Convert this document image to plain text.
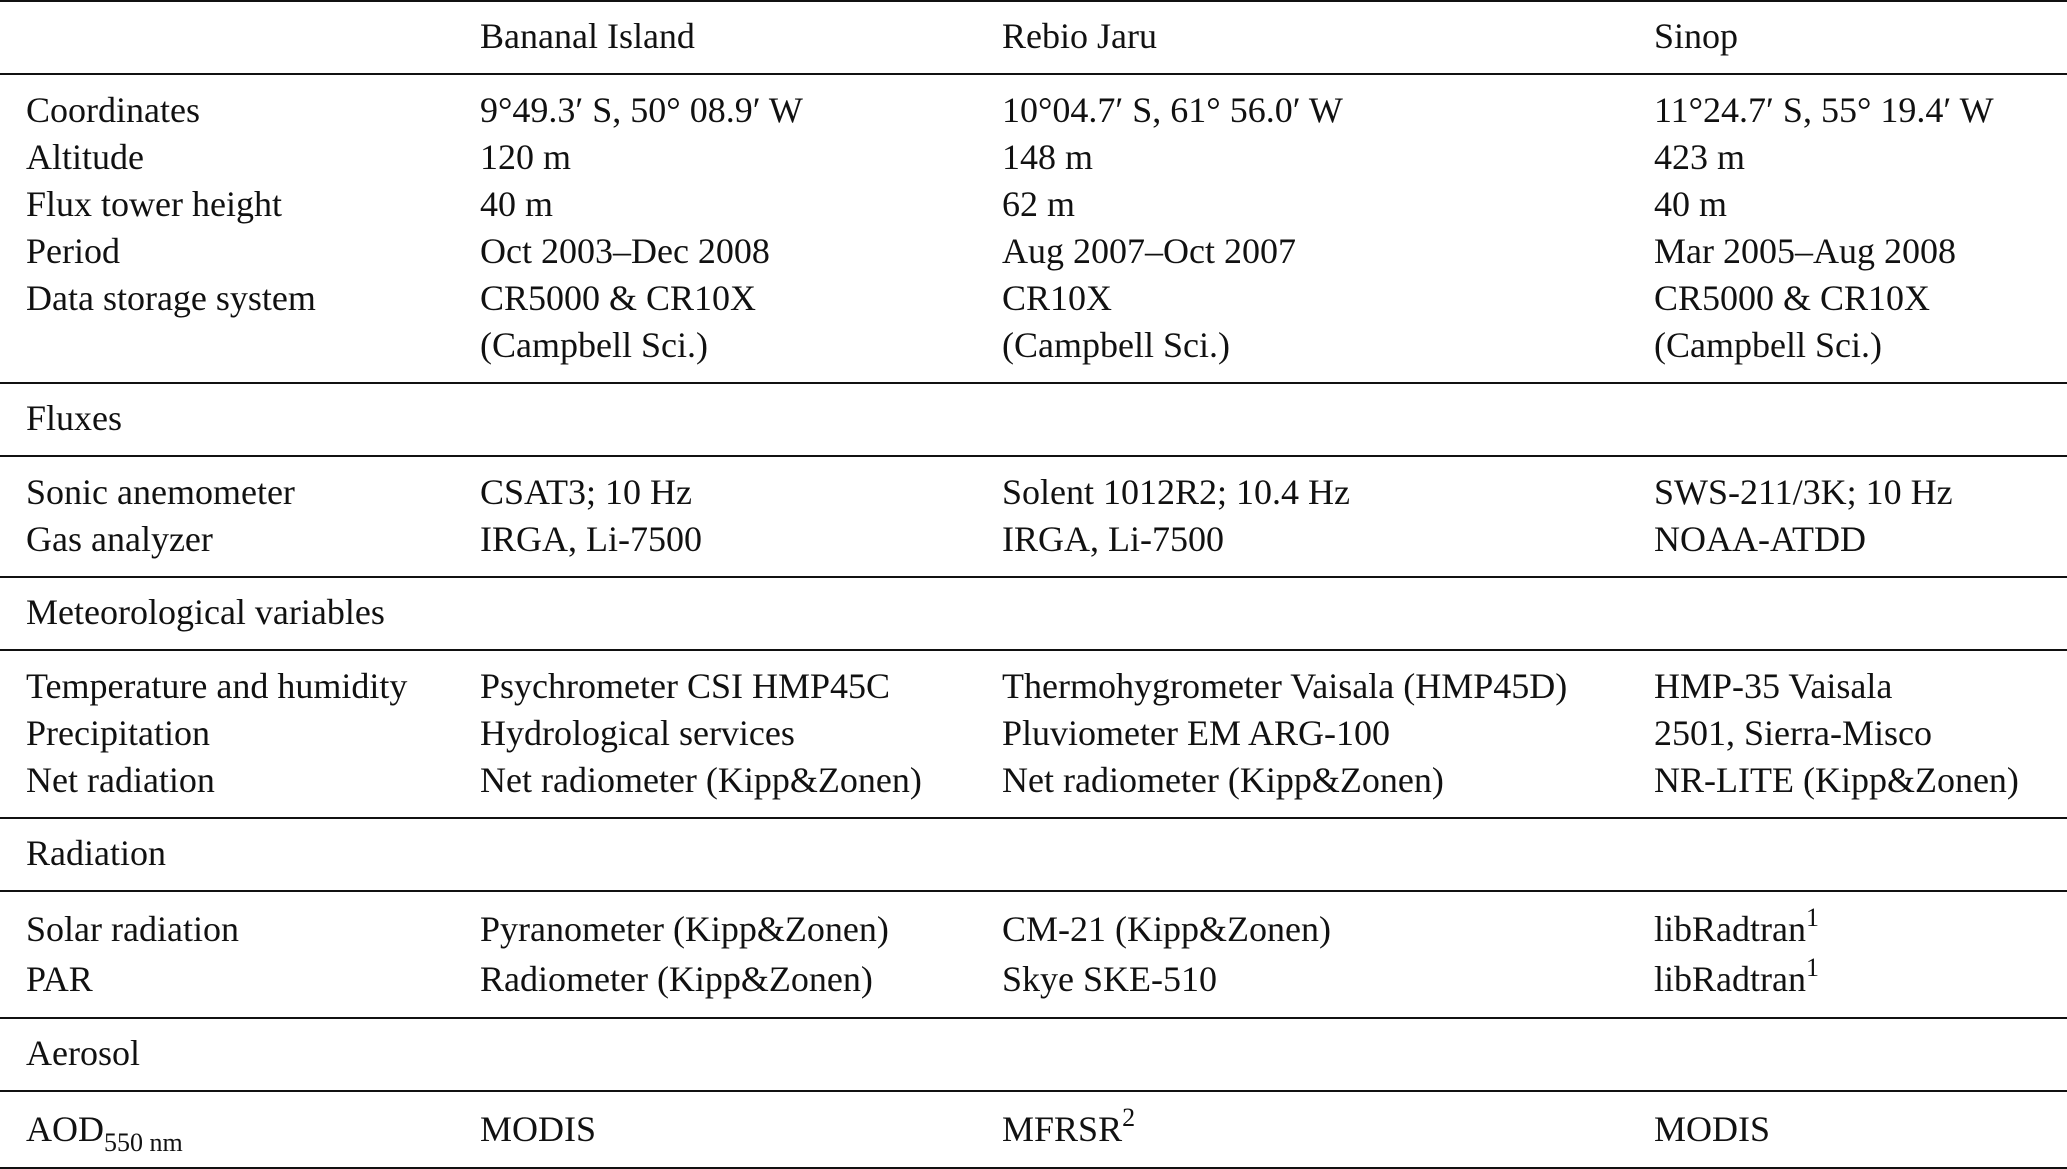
	Bananal Island	Rebio Jaru	Sinop
Coordinates	9°49.3′ S, 50° 08.9′ W	10°04.7′ S, 61° 56.0′ W	11°24.7′ S, 55° 19.4′ W
Altitude	120 m	148 m	423 m
Flux tower height	40 m	62 m	40 m
Period	Oct 2003–Dec 2008	Aug 2007–Oct 2007	Mar 2005–Aug 2008
Data storage system	CR5000 & CR10X	CR10X	CR5000 & CR10X
	(Campbell Sci.)	(Campbell Sci.)	(Campbell Sci.)
Fluxes			
Sonic anemometer	CSAT3; 10 Hz	Solent 1012R2; 10.4 Hz	SWS-211/3K; 10 Hz
Gas analyzer	IRGA, Li-7500	IRGA, Li-7500	NOAA-ATDD
Meteorological variables			
Temperature and humidity	Psychrometer CSI HMP45C	Thermohygrometer Vaisala (HMP45D)	HMP-35 Vaisala
Precipitation	Hydrological services	Pluviometer EM ARG-100	2501, Sierra-Misco
Net radiation	Net radiometer (Kipp&Zonen)	Net radiometer (Kipp&Zonen)	NR-LITE (Kipp&Zonen)
Radiation			
Solar radiation	Pyranometer (Kipp&Zonen)	CM-21 (Kipp&Zonen)	libRadtran$^1$
PAR	Radiometer (Kipp&Zonen)	Skye SKE-510	libRadtran$^1$
Aerosol			
$AOD_{550 nm}$	MODIS	MFRSR$^2$	MODIS
